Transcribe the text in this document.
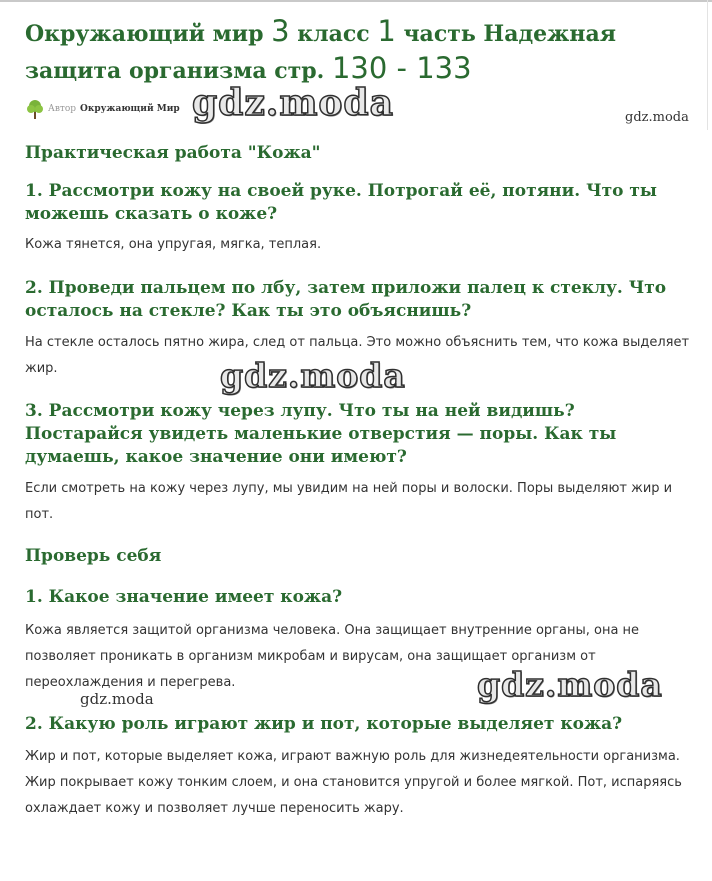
Окружающий мир 3 класс 1 часть Надежная защита организма стр. 130 - 133
Автор Окружающий Мир gdz.moda	gdz.moda
Практическая работа "Кожа"
1. Рассмотри кожу на своей руке. Потрогай её, потяни. Что ты можешь сказать о коже?

Кожа тянется, она упругая, мягка, теплая.

2. Проведи пальцем по лбу, затем приложи палец к стеклу. Что осталось на стекле? Как ты это объяснишь?

На стекле осталось пятно жира, след от пальца. Это можно объяснить тем, что кожа выделяет жир.	gdz.moda
3. Рассмотри кожу через лупу. Что ты на ней видишь? Постарайся увидеть маленькие отверстия — поры. Как ты думаешь, какое значение они имеют?

Если смотреть на кожу через лупу, мы увидим на ней поры и волоски. Поры выделяют жир и пот.

Проверь себя
1. Какое значение имеет кожа?

Кожа является защитой организма человека. Она защищает внутренние органы, она не позволяет проникать в организм микробам и вирусам, она защищает организм от переохлаждения и перегрева.

gdz.moda	gdz.moda
2. Какую роль играют жир и пот, которые выделяет кожа?

Жир и пот, которые выделяет кожа, играют важную роль для жизнедеятельности организма. Жир покрывает кожу тонким слоем, и она становится упругой и более мягкой. Пот, испаряясь охлаждает кожу и позволяет лучше переносить жару.
